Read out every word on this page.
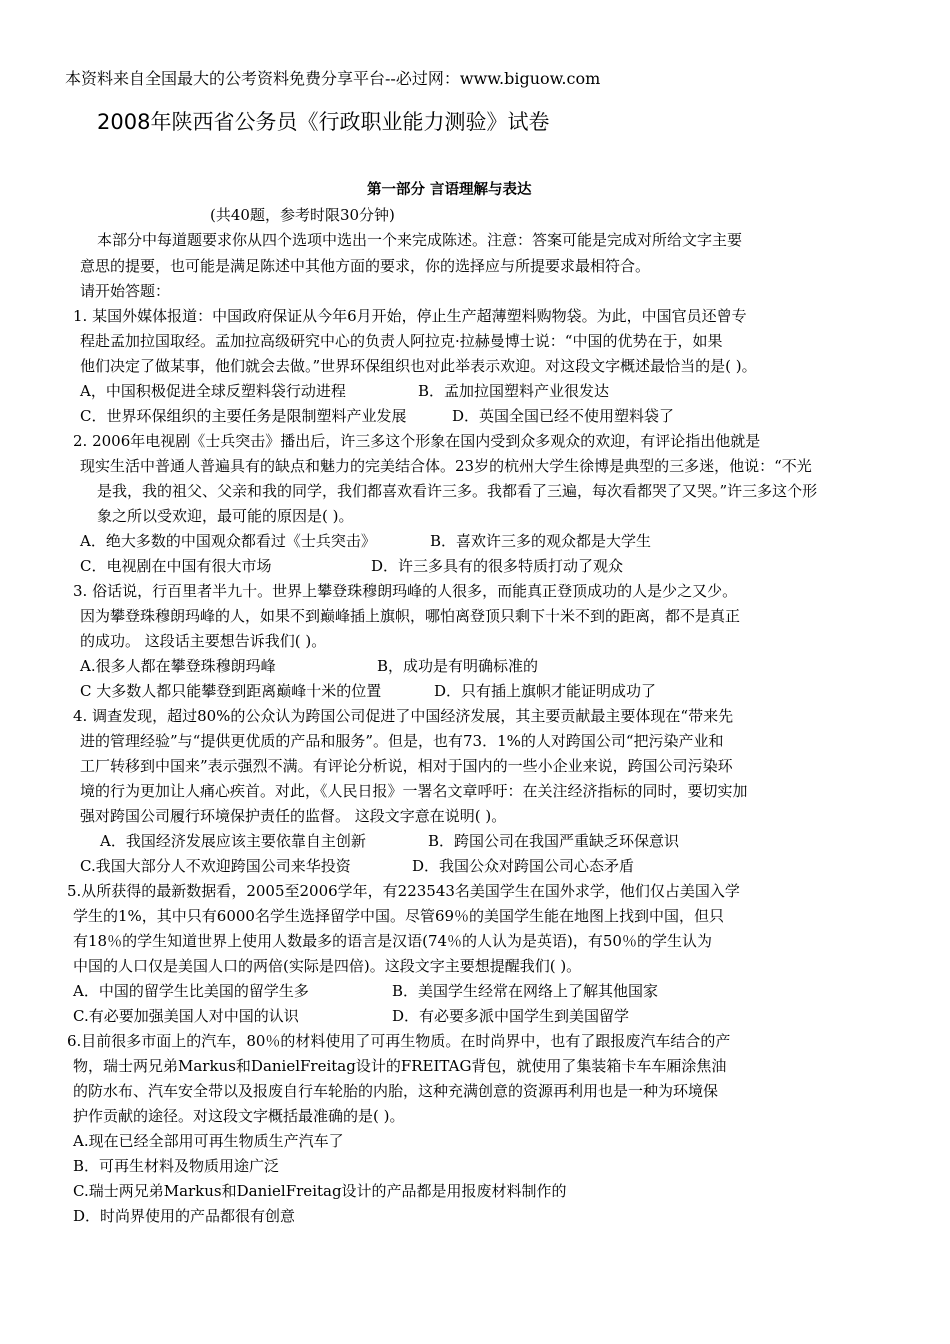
本资料来自全国最大的公考资料免费分享平台--必过网：www.biguow.com
2008年陕西省公务员《行政职业能力测验》试卷
第一部分 言语理解与表达
(共40题，参考时限30分钟)
本部分中每道题要求你从四个选项中选出一个来完成陈述。注意：答案可能是完成对所给文字主要
意思的提要，也可能是满足陈述中其他方面的要求，你的选择应与所提要求最相符合。
请开始答题：
1. 某国外媒体报道：中国政府保证从今年6月开始，停止生产超薄塑料购物袋。为此，中国官员还曾专
程赴孟加拉国取经。孟加拉高级研究中心的负责人阿拉克·拉赫曼博士说：“中国的优势在于，如果
他们决定了做某事，他们就会去做。”世界环保组织也对此举表示欢迎。对这段文字概述最恰当的是( )。
A，中国积极促进全球反塑料袋行动进程	B．孟加拉国塑料产业很发达
C．世界环保组织的主要任务是限制塑料产业发展	D．英国全国已经不使用塑料袋了
2. 2006年电视剧《士兵突击》播出后，许三多这个形象在国内受到众多观众的欢迎，有评论指出他就是
现实生活中普通人普遍具有的缺点和魅力的完美结合体。23岁的杭州大学生徐博是典型的三多迷，他说：“不光
是我，我的祖父、父亲和我的同学，我们都喜欢看许三多。我都看了三遍，每次看都哭了又哭。”许三多这个形
象之所以受欢迎，最可能的原因是( )。
A．绝大多数的中国观众都看过《士兵突击》	B．喜欢许三多的观众都是大学生
C．电视剧在中国有很大市场	D．许三多具有的很多特质打动了观众
3. 俗话说，行百里者半九十。世界上攀登珠穆朗玛峰的人很多，而能真正登顶成功的人是少之又少。
因为攀登珠穆朗玛峰的人，如果不到巅峰插上旗帜，哪怕离登顶只剩下十米不到的距离，都不是真正
的成功。 这段话主要想告诉我们( )。
A.很多人都在攀登珠穆朗玛峰	B，成功是有明确标准的
C 大多数人都只能攀登到距离巅峰十米的位置	D．只有插上旗帜才能证明成功了
4. 调查发现，超过80%的公众认为跨国公司促进了中国经济发展，其主要贡献最主要体现在“带来先
进的管理经验”与“提供更优质的产品和服务”。但是，也有73．1%的人对跨国公司“把污染产业和
工厂转移到中国来”表示强烈不满。有评论分析说，相对于国内的一些小企业来说，跨国公司污染环
境的行为更加让人痛心疾首。对此，《人民日报》一署名文章呼吁：在关注经济指标的同时，要切实加
强对跨国公司履行环境保护责任的监督。 这段文字意在说明( )。
A．我国经济发展应该主要依靠自主创新	B．跨国公司在我国严重缺乏环保意识
C.我国大部分人不欢迎跨国公司来华投资	D．我国公众对跨国公司心态矛盾
5.从所获得的最新数据看，2005至2006学年，有223543名美国学生在国外求学，他们仅占美国入学
学生的1%，其中只有6000名学生选择留学中国。尽管69％的美国学生能在地图上找到中国，但只
有18％的学生知道世界上使用人数最多的语言是汉语(74％的人认为是英语)，有50％的学生认为
中国的人口仅是美国人口的两倍(实际是四倍)。这段文字主要想提醒我们( )。
A．中国的留学生比美国的留学生多	B．美国学生经常在网络上了解其他国家
C.有必要加强美国人对中国的认识	D．有必要多派中国学生到美国留学
6.目前很多市面上的汽车，80％的材料使用了可再生物质。在时尚界中，也有了跟报废汽车结合的产
物，瑞士两兄弟Markus和DanielFreitag设计的FREITAG背包，就使用了集装箱卡车车厢涂焦油
的防水布、汽车安全带以及报废自行车轮胎的内胎，这种充满创意的资源再利用也是一种为环境保
护作贡献的途径。对这段文字概括最准确的是( )。
A.现在已经全部用可再生物质生产汽车了
B．可再生材料及物质用途广泛
C.瑞士两兄弟Markus和DanielFreitag设计的产品都是用报废材料制作的
D．时尚界使用的产品都很有创意
